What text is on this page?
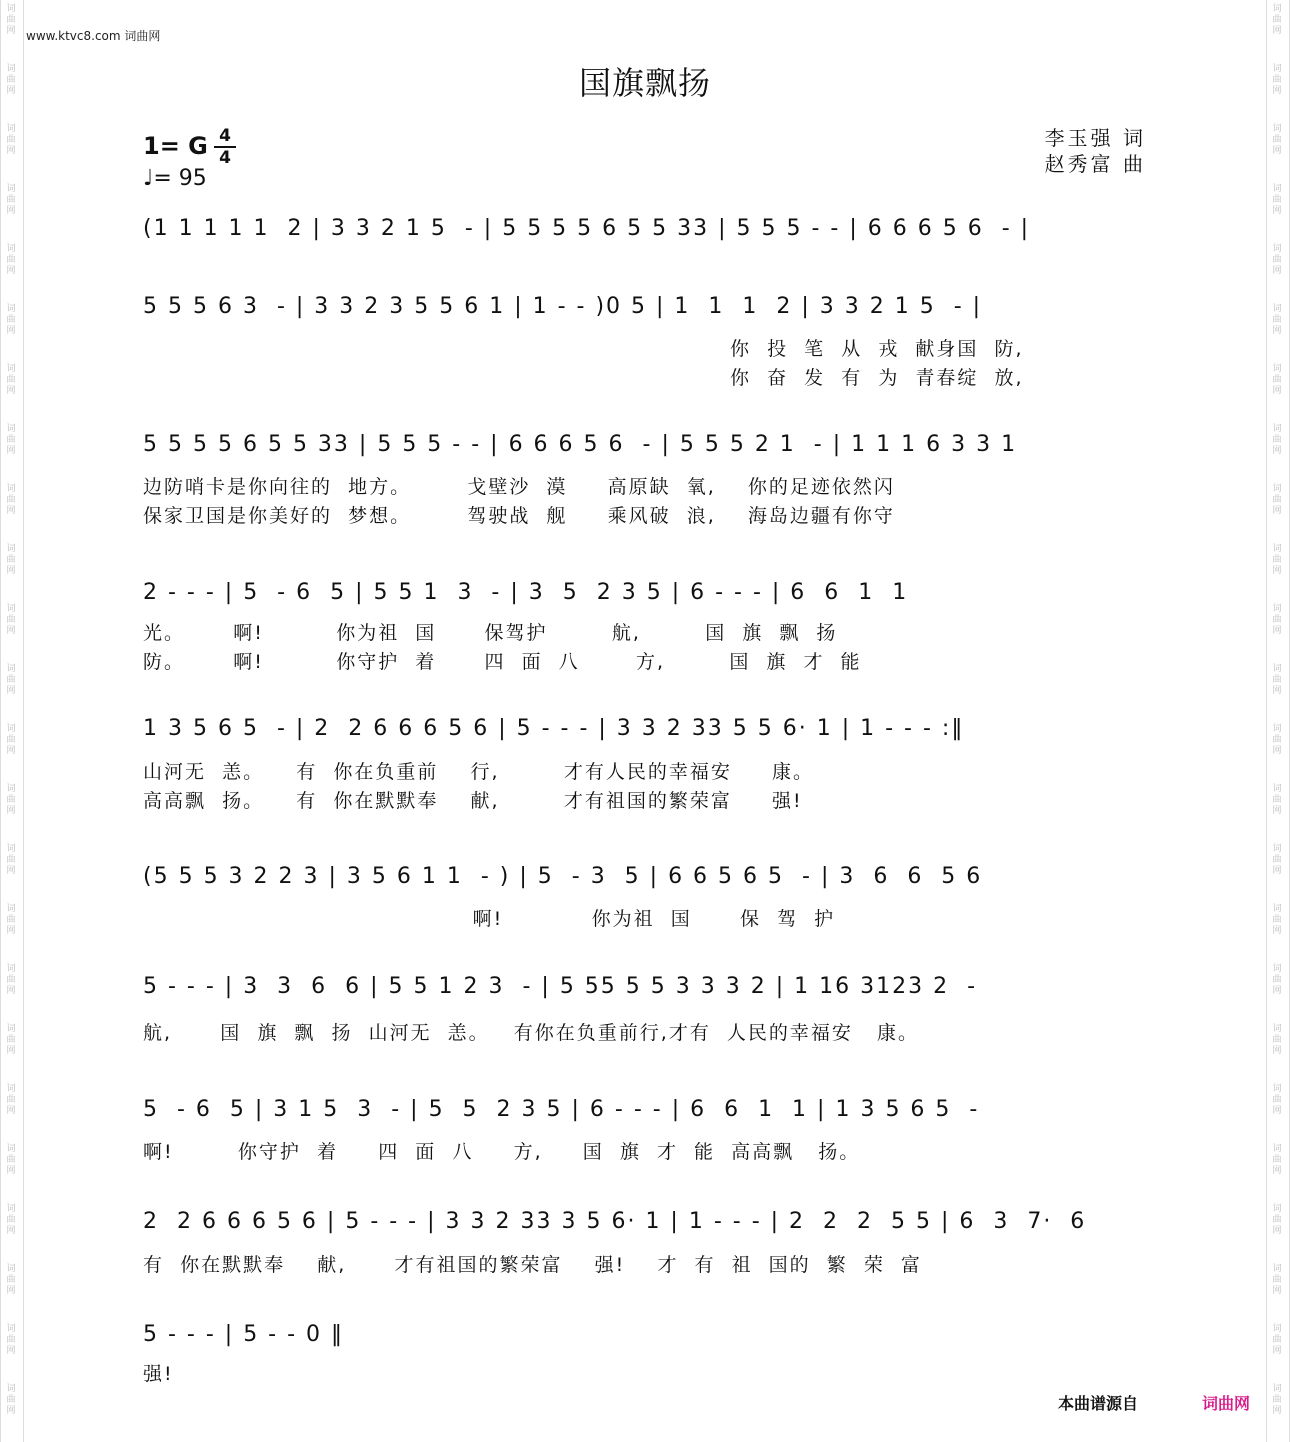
词曲网
词曲网
词曲网
词曲网
词曲网
词曲网
词曲网
词曲网
词曲网
词曲网
词曲网
词曲网
词曲网
词曲网
词曲网
词曲网
词曲网
词曲网
词曲网
词曲网
词曲网
词曲网
词曲网
词曲网
词曲网
词曲网
词曲网
词曲网
词曲网
词曲网
词曲网
词曲网
词曲网
词曲网
词曲网
词曲网
词曲网
词曲网
词曲网
词曲网
词曲网
词曲网
词曲网
词曲网
词曲网
词曲网
词曲网
词曲网
www.ktvc8.com 词曲网
国旗飘扬
李玉强 词
赵秀富 曲
1= G 4
4
♩= 95
(1 1 1 1 1  2 | 3 3 2 1 5  - | 5 5 5 5 6 5 5 33 | 5 5 5 - - | 6 6 6 5 6  - |
5 5 5 6 3  - | 3 3 2 3 5 5 6 1 | 1 - - )0 5 | 1  1  1  2 | 3 3 2 1 5  - |
你  投  笔  从  戎  献身国  防,
你  奋  发  有  为  青春绽  放,
5 5 5 5 6 5 5 33 | 5 5 5 - - | 6 6 6 5 6  - | 5 5 5 2 1  - | 1 1 1 6 3 3 1
边防哨卡是你向往的  地方。       戈壁沙  漠     高原缺  氧,    你的足迹依然闪
保家卫国是你美好的  梦想。       驾驶战  舰     乘风破  浪,    海岛边疆有你守
2 - - - | 5  - 6  5 | 5 5 1  3  - | 3  5  2 3 5 | 6 - - - | 6  6  1  1
光。      啊!         你为祖  国      保驾护        航,        国  旗  飘  扬
防。      啊!         你守护  着      四  面  八       方,        国  旗  才  能
1 3 5 6 5  - | 2  2 6 6 6 5 6 | 5 - - - | 3 3 2 33 5 5 6· 1 | 1 - - - :‖
山河无  恙。    有  你在负重前    行,        才有人民的幸福安     康。
高高飘  扬。    有  你在默默奉    献,        才有祖国的繁荣富     强!
(5 5 5 3 2 2 3 | 3 5 6 1 1  - ) | 5  - 3  5 | 6 6 5 6 5  - | 3  6  6  5 6
啊!           你为祖  国      保  驾  护
5 - - - | 3  3  6  6 | 5 5 1 2 3  - | 5 55 5 5 3 3 3 2 | 1 16 3123 2  -
航,      国  旗  飘  扬  山河无  恙。   有你在负重前行,才有  人民的幸福安   康。
5  - 6  5 | 3 1 5  3  - | 5  5  2 3 5 | 6 - - - | 6  6  1  1 | 1 3 5 6 5  -
啊!        你守护  着     四  面  八     方,     国  旗  才  能  高高飘   扬。
2  2 6 6 6 5 6 | 5 - - - | 3 3 2 33 3 5 6· 1 | 1 - - - | 2  2  2  5 5 | 6  3  7·  6
有  你在默默奉    献,      才有祖国的繁荣富    强!    才  有  祖  国的  繁  荣  富
5 - - - | 5 - - 0 ‖
强!
本曲谱源自	词曲网
